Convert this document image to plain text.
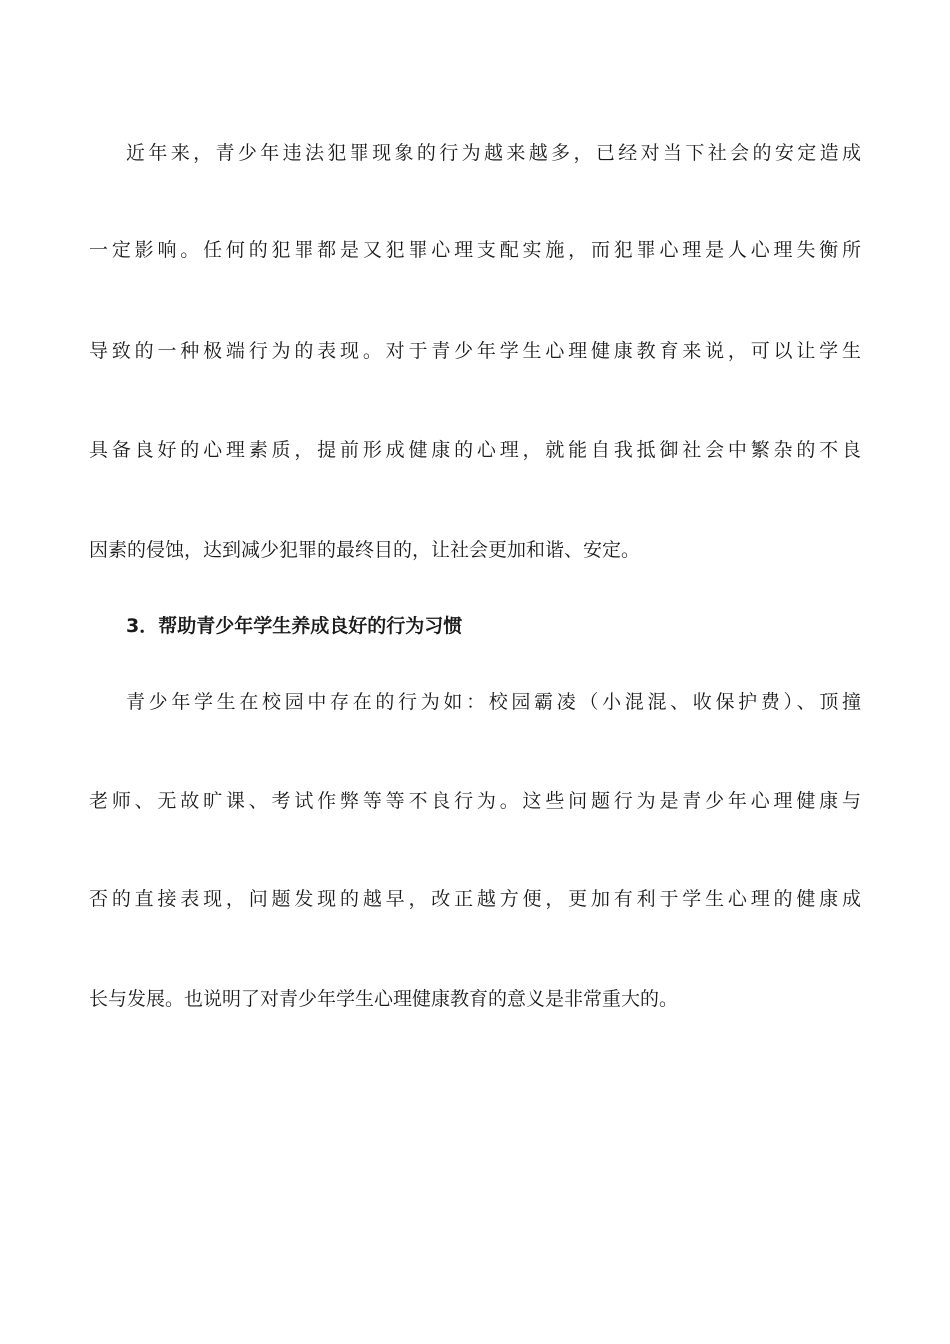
近年来，青少年违法犯罪现象的行为越来越多，已经对当下社会的安定造成
一定影响。任何的犯罪都是又犯罪心理支配实施，而犯罪心理是人心理失衡所
导致的一种极端行为的表现。对于青少年学生心理健康教育来说，可以让学生
具备良好的心理素质，提前形成健康的心理，就能自我抵御社会中繁杂的不良
因素的侵蚀，达到减少犯罪的最终目的，让社会更加和谐、安定。
3．帮助青少年学生养成良好的行为习惯
青少年学生在校园中存在的行为如：校园霸凌（小混混、收保护费）、顶撞
老师、无故旷课、考试作弊等等不良行为。这些问题行为是青少年心理健康与
否的直接表现，问题发现的越早，改正越方便，更加有利于学生心理的健康成
长与发展。也说明了对青少年学生心理健康教育的意义是非常重大的。
